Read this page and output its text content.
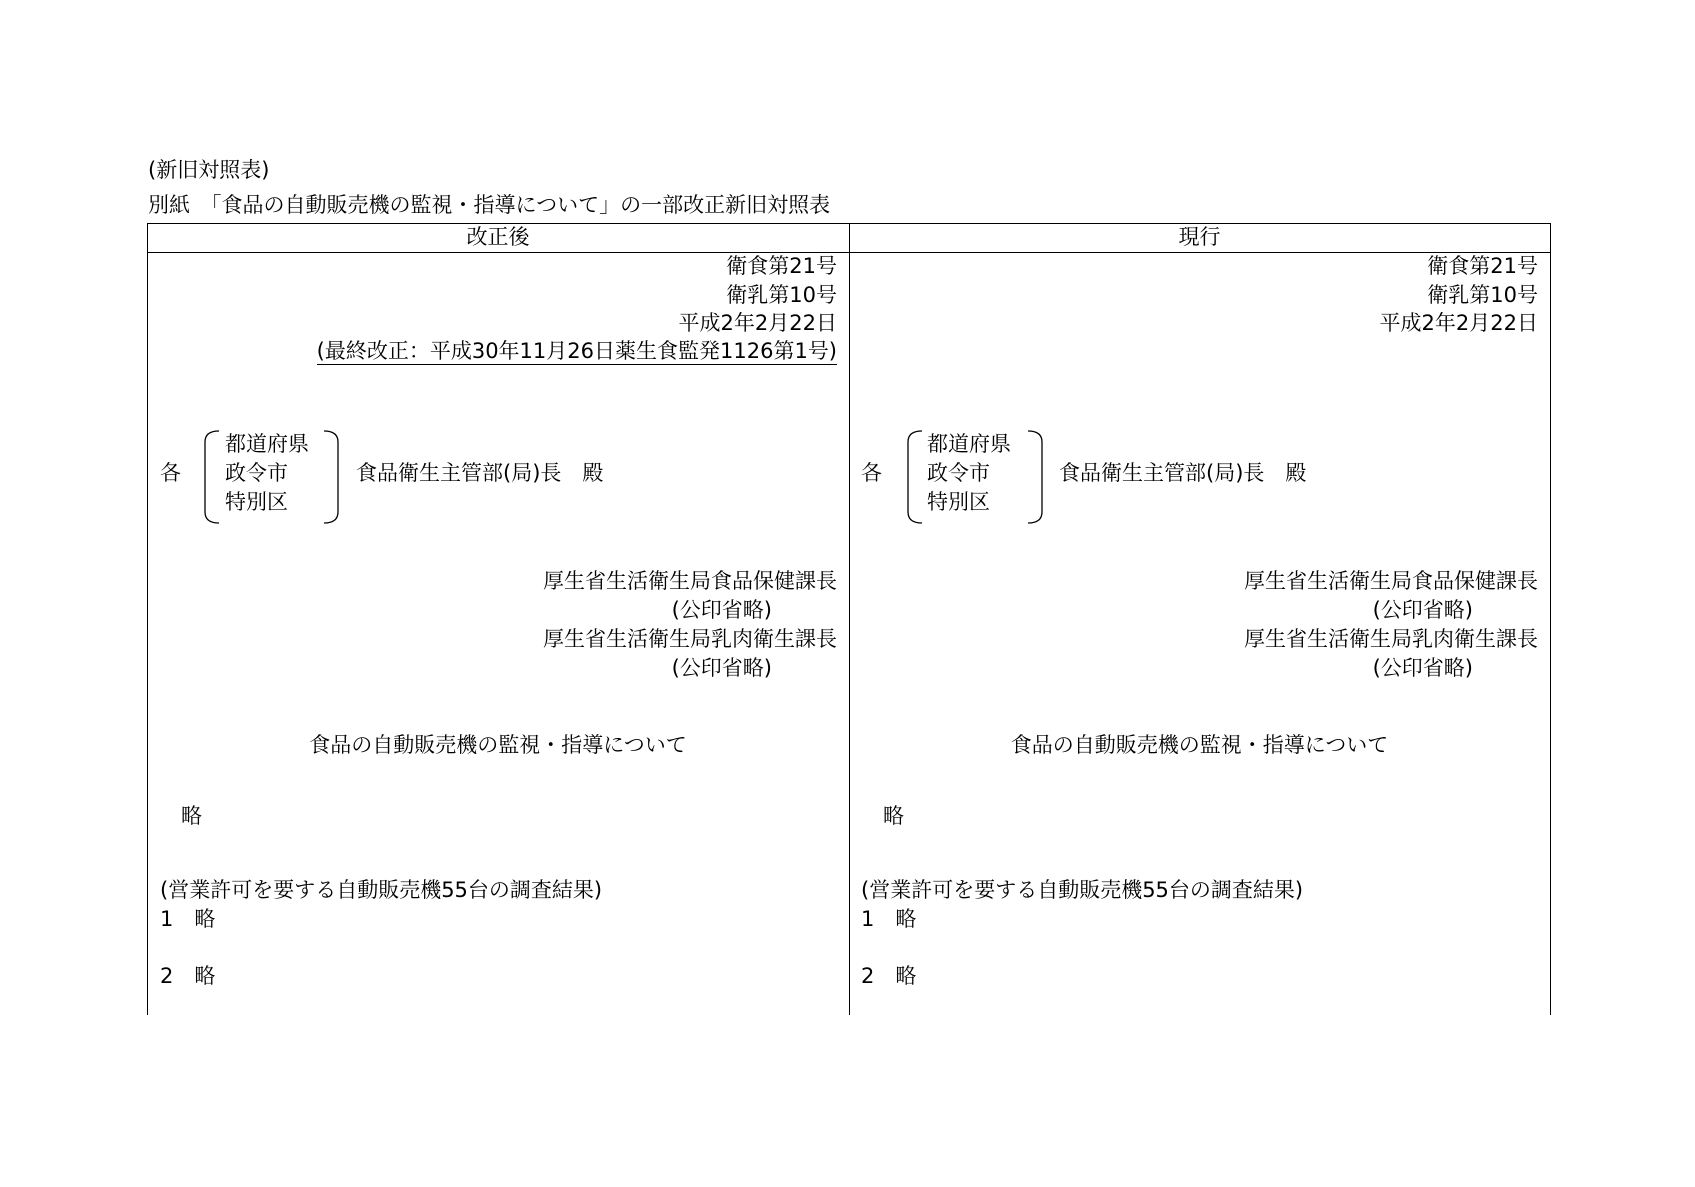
(新旧対照表)
別紙　「食品の自動販売機の監視・指導について」の一部改正新旧対照表
改正後	現行
衛食第21号
衛乳第10号
平成2年2月22日
(最終改正：平成30年11月26日薬生食監発1126第1号)
各
都道府県
政令市
特別区
食品衛生主管部(局)長　殿
厚生省生活衛生局食品保健課長
(公印省略)
厚生省生活衛生局乳肉衛生課長
(公印省略)
食品の自動販売機の監視・指導について
略
(営業許可を要する自動販売機55台の調査結果)
1　略
2　略
衛食第21号
衛乳第10号
平成2年2月22日
各
都道府県
政令市
特別区
食品衛生主管部(局)長　殿
厚生省生活衛生局食品保健課長
(公印省略)
厚生省生活衛生局乳肉衛生課長
(公印省略)
食品の自動販売機の監視・指導について
略
(営業許可を要する自動販売機55台の調査結果)
1　略
2　略
